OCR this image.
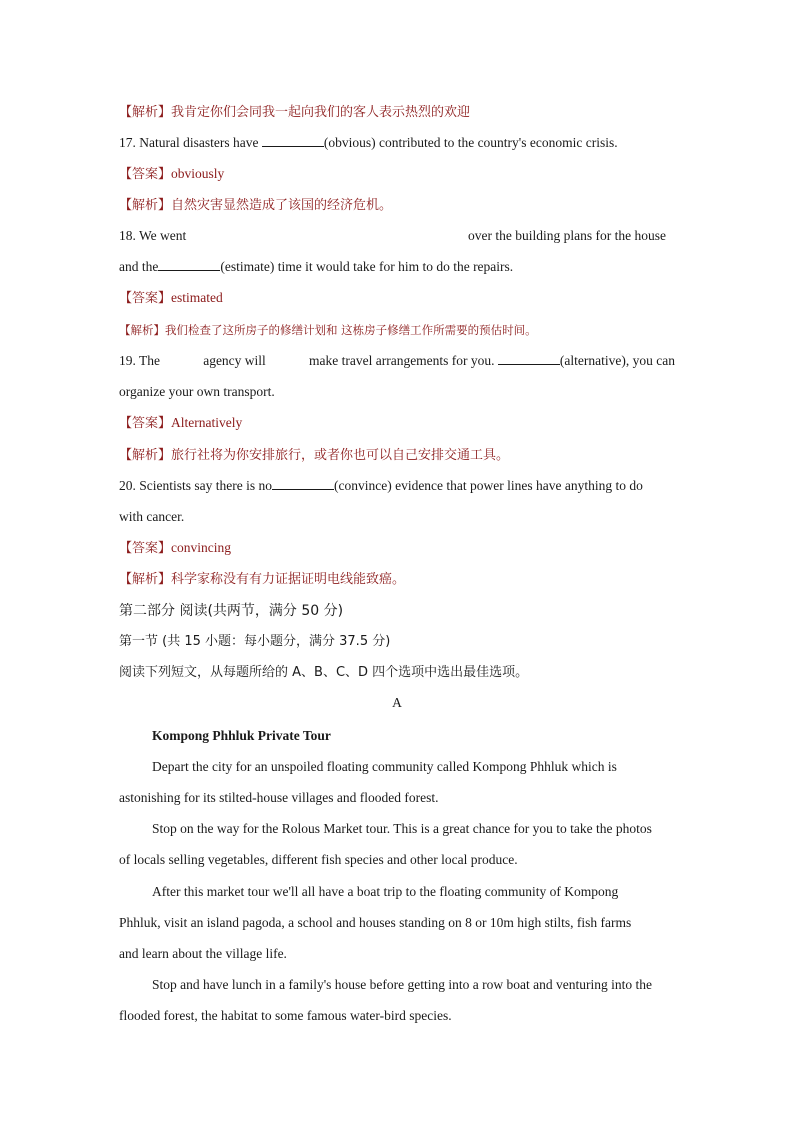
【解析】我肯定你们会同我一起向我们的客人表示热烈的欢迎
17. Natural disasters have	(obvious) contributed to the country's economic crisis.
【答案】obviously
【解析】自然灾害显然造成了该国的经济危机。
18. We went	over the building plans for the house
and the	(estimate) time it would take for him to do the repairs.
【答案】estimated
【解析】我们检查了这所房子的修缮计划和 这栋房子修缮工作所需要的预估时间。
19. The	agency will	make travel arrangements for you.	(alternative), you can
organize your own transport.
【答案】Alternatively
【解析】旅行社将为你安排旅行，或者你也可以自己安排交通工具。
20. Scientists say there is no	(convince) evidence that power lines have anything to do
with cancer.
【答案】convincing
【解析】科学家称没有有力证据证明电线能致癌。
第二部分 阅读(共两节，满分 50 分)
第一节 (共 15 小题：每小题分，满分 37.5 分)
阅读下列短文，从每题所给的 A、B、C、D 四个选项中选出最佳选项。
A
Kompong Phhluk Private Tour
Depart the city for an unspoiled floating community called Kompong Phhluk which is
astonishing for its stilted-house villages and flooded forest.
Stop on the way for the Rolous Market tour. This is a great chance for you to take the photos
of locals selling vegetables, different fish species and other local produce.
After this market tour we'll all have a boat trip to the floating community of Kompong
Phhluk, visit an island pagoda, a school and houses standing on 8 or 10m high stilts, fish farms
and learn about the village life.
Stop and have lunch in a family's house before getting into a row boat and venturing into the
flooded forest, the habitat to some famous water-bird species.
